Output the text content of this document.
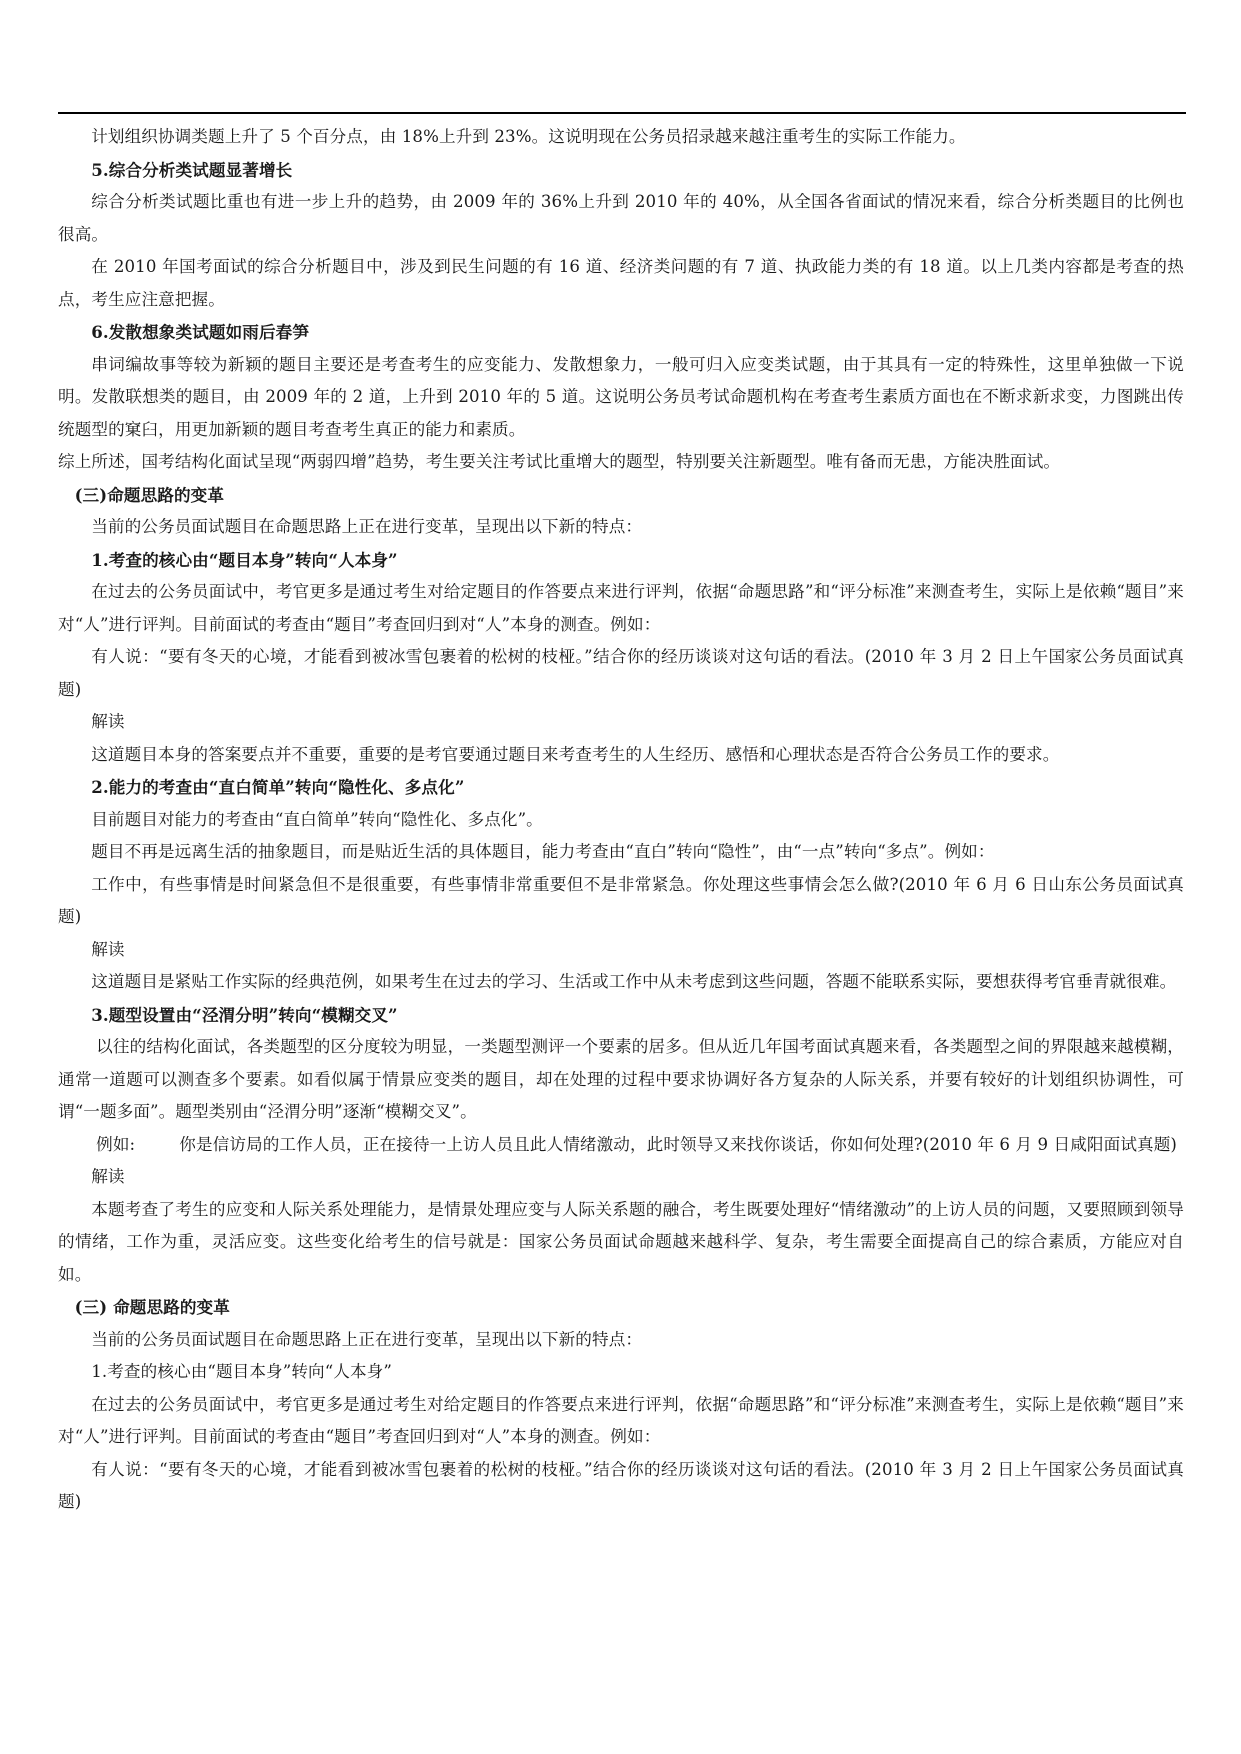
计划组织协调类题上升了 5 个百分点，由 18%上升到 23%。这说明现在公务员招录越来越注重考生的实际工作能力。

5.综合分析类试题显著增长

综合分析类试题比重也有进一步上升的趋势，由 2009 年的 36%上升到 2010 年的 40%，从全国各省面试的情况来看，综合分析类题目的比例也很高。

在 2010 年国考面试的综合分析题目中，涉及到民生问题的有 16 道、经济类问题的有 7 道、执政能力类的有 18 道。以上几类内容都是考查的热点，考生应注意把握。

6.发散想象类试题如雨后春笋

串词编故事等较为新颖的题目主要还是考查考生的应变能力、发散想象力，一般可归入应变类试题，由于其具有一定的特殊性，这里单独做一下说明。发散联想类的题目，由 2009 年的 2 道，上升到 2010 年的 5 道。这说明公务员考试命题机构在考查考生素质方面也在不断求新求变，力图跳出传统题型的窠臼，用更加新颖的题目考查考生真正的能力和素质。

综上所述，国考结构化面试呈现“两弱四增”趋势，考生要关注考试比重增大的题型，特别要关注新题型。唯有备而无患，方能决胜面试。

(三)命题思路的变革

当前的公务员面试题目在命题思路上正在进行变革，呈现出以下新的特点：

1.考查的核心由“题目本身”转向“人本身”

在过去的公务员面试中，考官更多是通过考生对给定题目的作答要点来进行评判，依据“命题思路”和“评分标准”来测查考生，实际上是依赖“题目”来对“人”进行评判。目前面试的考查由“题目”考查回归到对“人”本身的测查。例如：

有人说：“要有冬天的心境，才能看到被冰雪包裹着的松树的枝桠。”结合你的经历谈谈对这句话的看法。(2010 年 3 月 2 日上午国家公务员面试真题)

解读

这道题目本身的答案要点并不重要，重要的是考官要通过题目来考查考生的人生经历、感悟和心理状态是否符合公务员工作的要求。

2.能力的考查由“直白简单”转向“隐性化、多点化”

目前题目对能力的考查由“直白简单”转向“隐性化、多点化”。

题目不再是远离生活的抽象题目，而是贴近生活的具体题目，能力考查由“直白”转向“隐性”，由“一点”转向“多点”。例如：

工作中，有些事情是时间紧急但不是很重要，有些事情非常重要但不是非常紧急。你处理这些事情会怎么做?(2010 年 6 月 6 日山东公务员面试真题)

解读

这道题目是紧贴工作实际的经典范例，如果考生在过去的学习、生活或工作中从未考虑到这些问题，答题不能联系实际，要想获得考官垂青就很难。

3.题型设置由“泾渭分明”转向“模糊交叉”

以往的结构化面试，各类题型的区分度较为明显，一类题型测评一个要素的居多。但从近几年国考面试真题来看，各类题型之间的界限越来越模糊，通常一道题可以测查多个要素。如看似属于情景应变类的题目，却在处理的过程中要求协调好各方复杂的人际关系，并要有较好的计划组织协调性，可谓“一题多面”。题型类别由“泾渭分明”逐渐“模糊交叉”。

例如:	你是信访局的工作人员，正在接待一上访人员且此人情绪激动，此时领导又来找你谈话，你如何处理?(2010 年 6 月 9 日咸阳面试真题)

解读

本题考查了考生的应变和人际关系处理能力，是情景处理应变与人际关系题的融合，考生既要处理好“情绪激动”的上访人员的问题，又要照顾到领导的情绪，工作为重，灵活应变。这些变化给考生的信号就是：国家公务员面试命题越来越科学、复杂，考生需要全面提高自己的综合素质，方能应对自如。

(三) 命题思路的变革

当前的公务员面试题目在命题思路上正在进行变革，呈现出以下新的特点：

1.考查的核心由“题目本身”转向“人本身”

在过去的公务员面试中，考官更多是通过考生对给定题目的作答要点来进行评判，依据“命题思路”和“评分标准”来测查考生，实际上是依赖“题目”来对“人”进行评判。目前面试的考查由“题目”考查回归到对“人”本身的测查。例如：

有人说：“要有冬天的心境，才能看到被冰雪包裹着的松树的枝桠。”结合你的经历谈谈对这句话的看法。(2010 年 3 月 2 日上午国家公务员面试真题)
